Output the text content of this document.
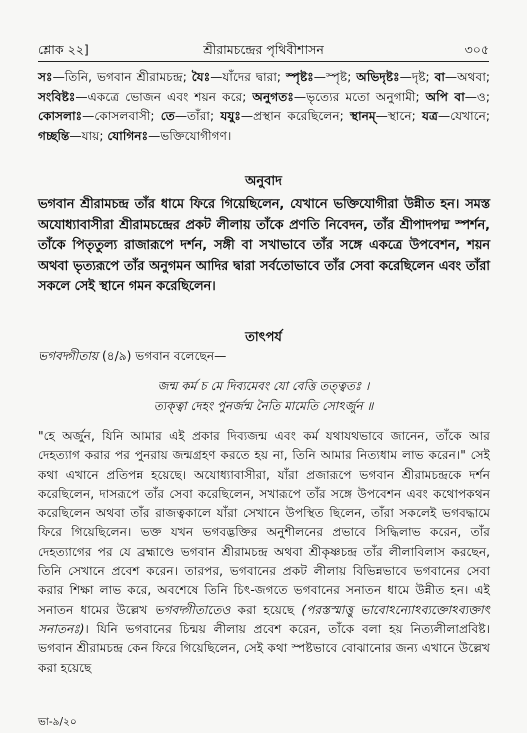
শ্লোক ২২]	শ্রীরামচন্দ্রের পৃথিবীশাসন	৩০৫
সঃ—তিনি, ভগবান শ্রীরামচন্দ্র; যৈঃ—যাঁদের দ্বারা; স্পৃষ্টঃ—স্পৃষ্ট; অভিদৃষ্টঃ—দৃষ্ট; বা—অথবা; সংবিষ্টঃ—একত্রে ভোজন এবং শয়ন করে; অনুগতঃ—ভৃত্যের মতো অনুগামী; অপি বা—ও; কোসলাঃ—কোসলবাসী; তে—তাঁরা; যযুঃ—প্রস্থান করেছিলেন; স্থানম্—স্থানে; যত্র—যেখানে; গচ্ছন্তি—যায়; যোগিনঃ—ভক্তিযোগীগণ।
অনুবাদ
ভগবান শ্রীরামচন্দ্র তাঁর ধামে ফিরে গিয়েছিলেন, যেখানে ভক্তিযোগীরা উন্নীত হন। সমস্ত অযোধ্যাবাসীরা শ্রীরামচন্দ্রের প্রকট লীলায় তাঁকে প্রণতি নিবেদন, তাঁর শ্রীপাদপদ্ম স্পর্শন, তাঁকে পিতৃতুল্য রাজারূপে দর্শন, সঙ্গী বা সখাভাবে তাঁর সঙ্গে একত্রে উপবেশন, শয়ন অথবা ভৃত্যরূপে তাঁর অনুগমন আদির দ্বারা সর্বতোভাবে তাঁর সেবা করেছিলেন এবং তাঁরা সকলে সেই স্থানে গমন করেছিলেন।
তাৎপর্য
ভগবদ্গীতায় (৪/৯) ভগবান বলেছেন—
জন্ম কর্ম চ মে দিব্যমেবং যো বেত্তি তত্ত্বতঃ ।
ত্যক্ত্বা দেহং পুনর্জন্ম নৈতি মামেতি সোঽর্জুন ॥
"হে অর্জুন, যিনি আমার এই প্রকার দিব্যজন্ম এবং কর্ম যথাযথভাবে জানেন, তাঁকে আর দেহত্যাগ করার পর পুনরায় জন্মগ্রহণ করতে হয় না, তিনি আমার নিত্যধাম লাভ করেন।" সেই কথা এখানে প্রতিপন্ন হয়েছে। অযোধ্যাবাসীরা, যাঁরা প্রজারূপে ভগবান শ্রীরামচন্দ্রকে দর্শন করেছিলেন, দাসরূপে তাঁর সেবা করেছিলেন, সখারূপে তাঁর সঙ্গে উপবেশন এবং কথোপকথন করেছিলেন অথবা তাঁর রাজত্বকালে যাঁরা সেখানে উপস্থিত ছিলেন, তাঁরা সকলেই ভগবদ্ধামে ফিরে গিয়েছিলেন। ভক্ত যখন ভগবদ্ভক্তির অনুশীলনের প্রভাবে সিদ্ধিলাভ করেন, তাঁর দেহত্যাগের পর যে ব্রহ্মাণ্ডে ভগবান শ্রীরামচন্দ্র অথবা শ্রীকৃষ্ণচন্দ্র তাঁর লীলাবিলাস করছেন, তিনি সেখানে প্রবেশ করেন। তারপর, ভগবানের প্রকট লীলায় বিভিন্নভাবে ভগবানের সেবা করার শিক্ষা লাভ করে, অবশেষে তিনি চিৎ-জগতে ভগবানের সনাতন ধামে উন্নীত হন। এই সনাতন ধামের উল্লেখ ভগবদ্গীতাতেও করা হয়েছে (পরস্তস্মাত্তু ভাবোঽন্যোঽব্যক্তোঽব্যক্তাৎ সনাতনঃ)। যিনি ভগবানের চিন্ময় লীলায় প্রবেশ করেন, তাঁকে বলা হয় নিত্যলীলাপ্রবিষ্ট। ভগবান শ্রীরামচন্দ্র কেন ফিরে গিয়েছিলেন, সেই কথা স্পষ্টভাবে বোঝানোর জন্য এখানে উল্লেখ করা হয়েছে
ভা-৯/২০
